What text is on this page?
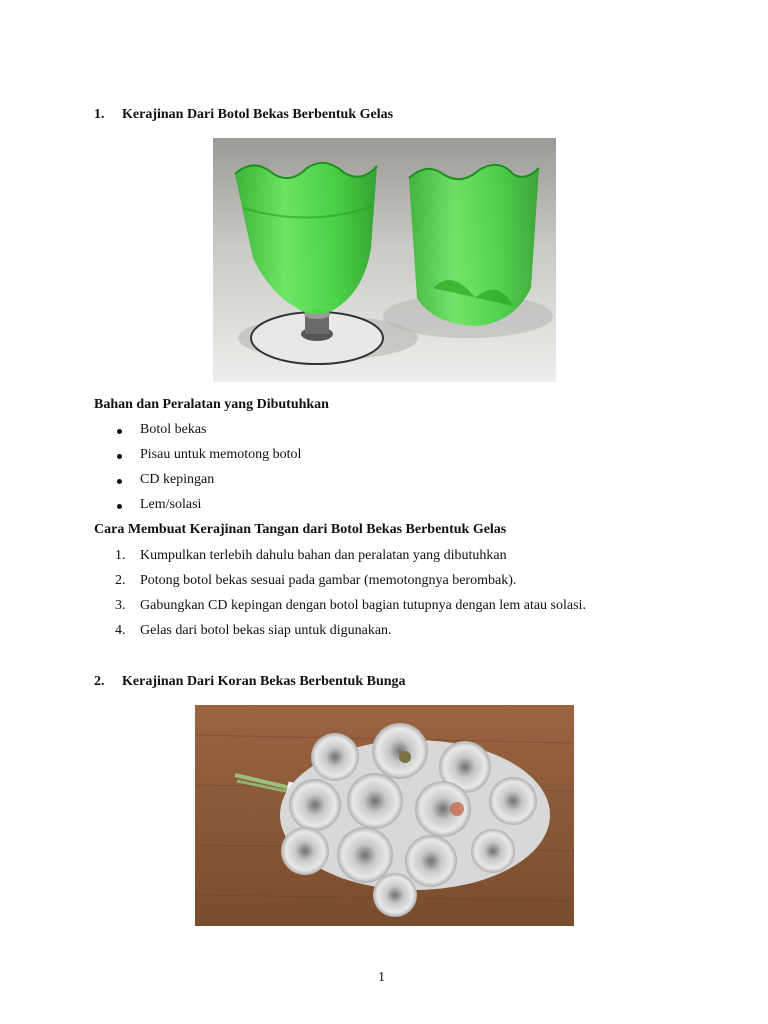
1. Kerajinan Dari Botol Bekas Berbentuk Gelas
Bahan dan Peralatan yang Dibutuhkan
Botol bekas
Pisau untuk memotong botol
CD kepingan
Lem/solasi
Cara Membuat Kerajinan Tangan dari Botol Bekas Berbentuk Gelas
1. Kumpulkan terlebih dahulu bahan dan peralatan yang dibutuhkan
2. Potong botol bekas sesuai pada gambar (memotongnya berombak).
3. Gabungkan CD kepingan dengan botol bagian tutupnya dengan lem atau solasi.
4. Gelas dari botol bekas siap untuk digunakan.
2. Kerajinan Dari Koran Bekas Berbentuk Bunga
1
